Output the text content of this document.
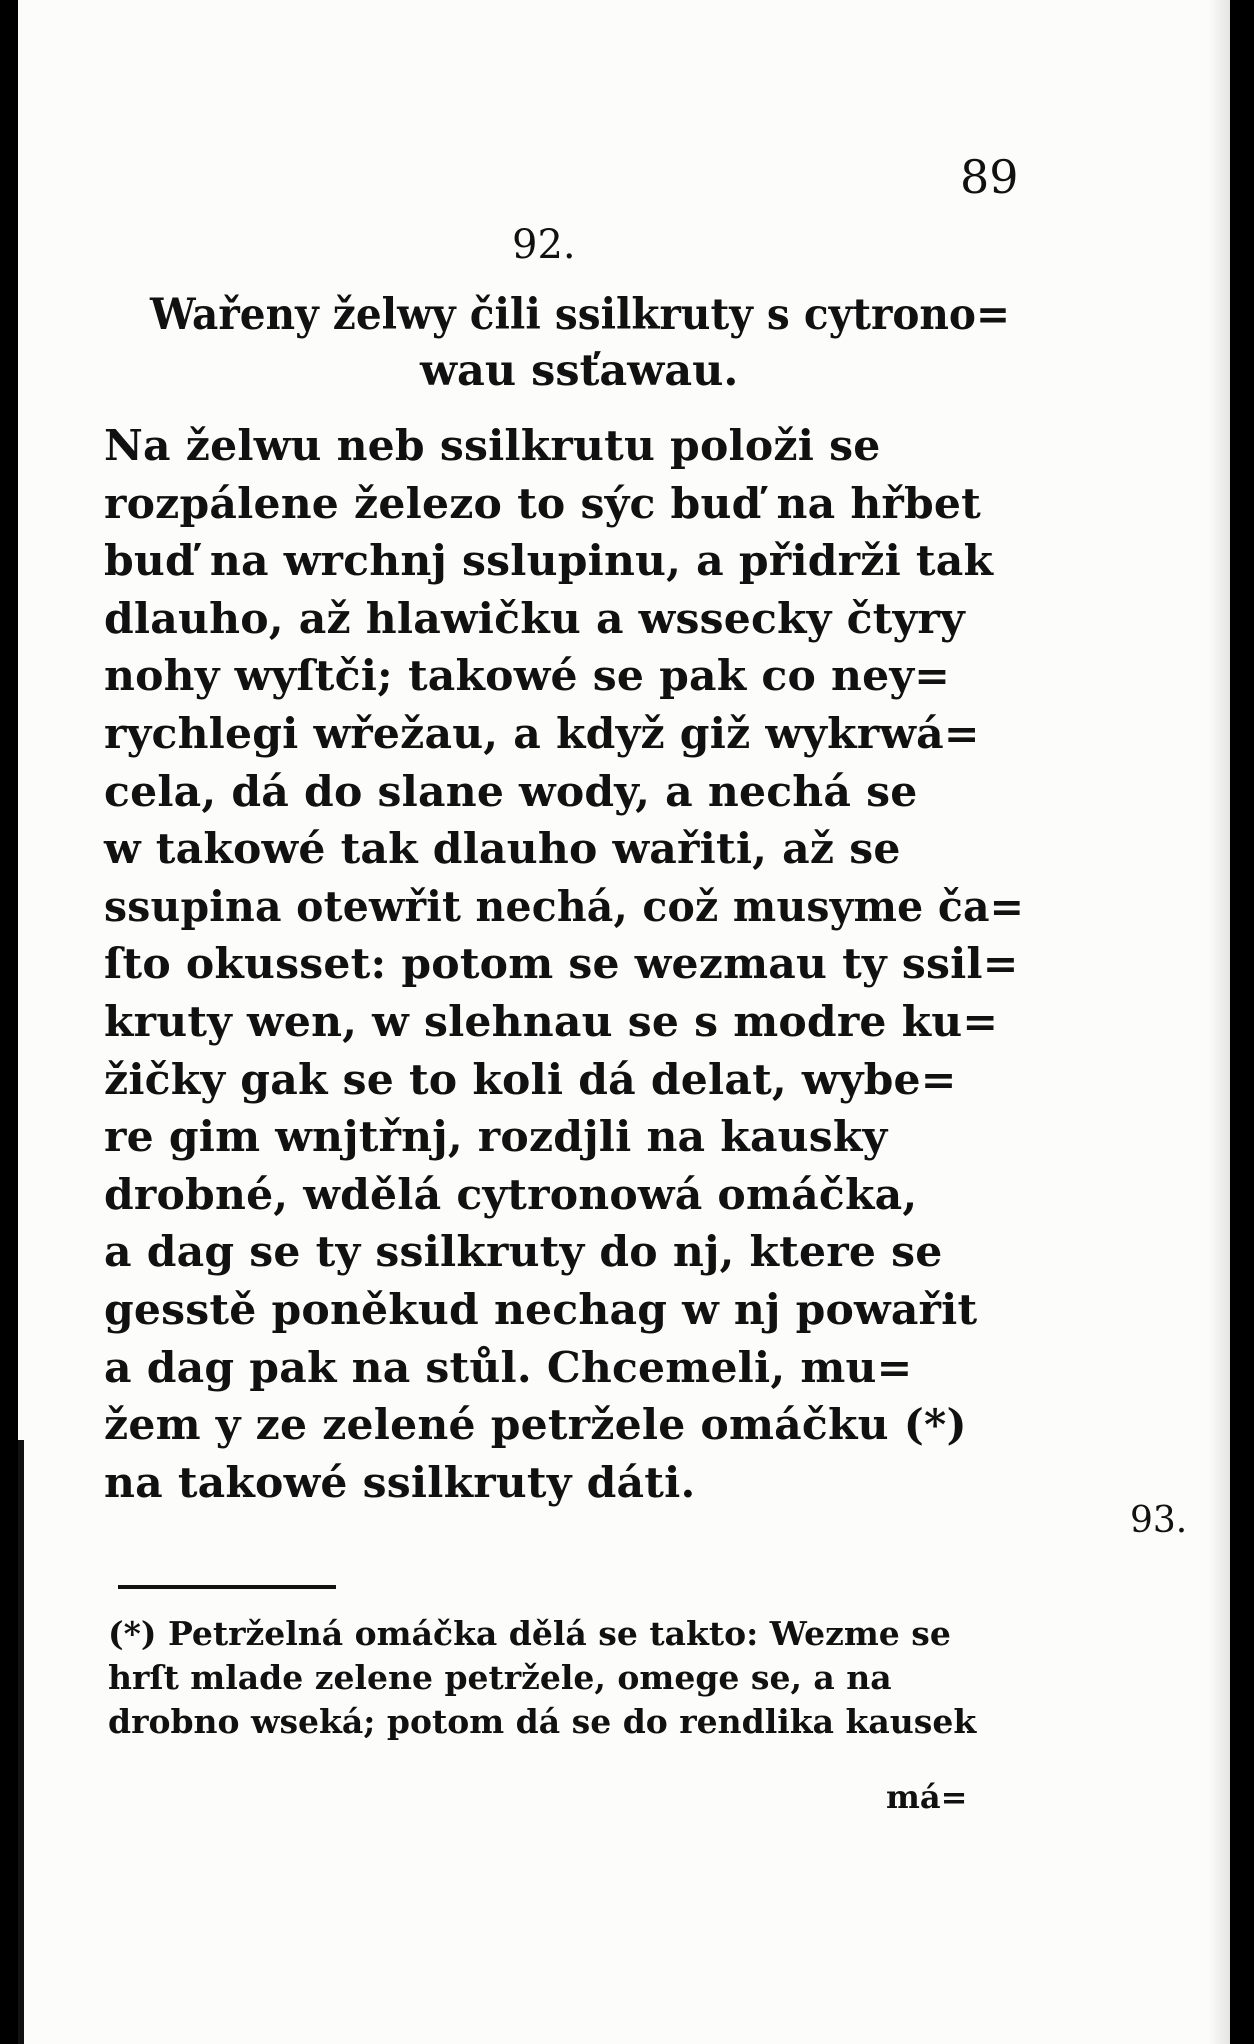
89
92.
Wařeny želwy čili ssilkruty s cytrono=
wau ssťawau.
Na želwu neb ssilkrutu položi se
rozpálene železo to sýc buď na hřbet
buď na wrchnj sslupinu, a přidrži tak
dlauho, až hlawičku a wssecky čtyry
nohy wyſtči; takowé se pak co ney=
rychlegi wřežau, a když giž wykrwá=
cela, dá do slane wody, a nechá se
w takowé tak dlauho wařiti, až se
ssupina otewřit nechá, což musyme ča=
ſto okusset: potom se wezmau ty ssil=
kruty wen, w slehnau se s modre ku=
žičky gak se to koli dá delat, wybe=
re gim wnjtřnj, rozdjli na kausky
drobné, wdělá cytronowá omáčka,
a dag se ty ssilkruty do nj, ktere se
gesstě poněkud nechag w nj powařit
a dag pak na stůl. Chcemeli, mu=
žem y ze zelené petržele omáčku (*)
na takowé ssilkruty dáti.
93.
(*) Petrželná omáčka dělá se takto: Wezme se
hrſt mlade zelene petržele, omege se, a na
drobno wseká; potom dá se do rendlika kausek
má=
